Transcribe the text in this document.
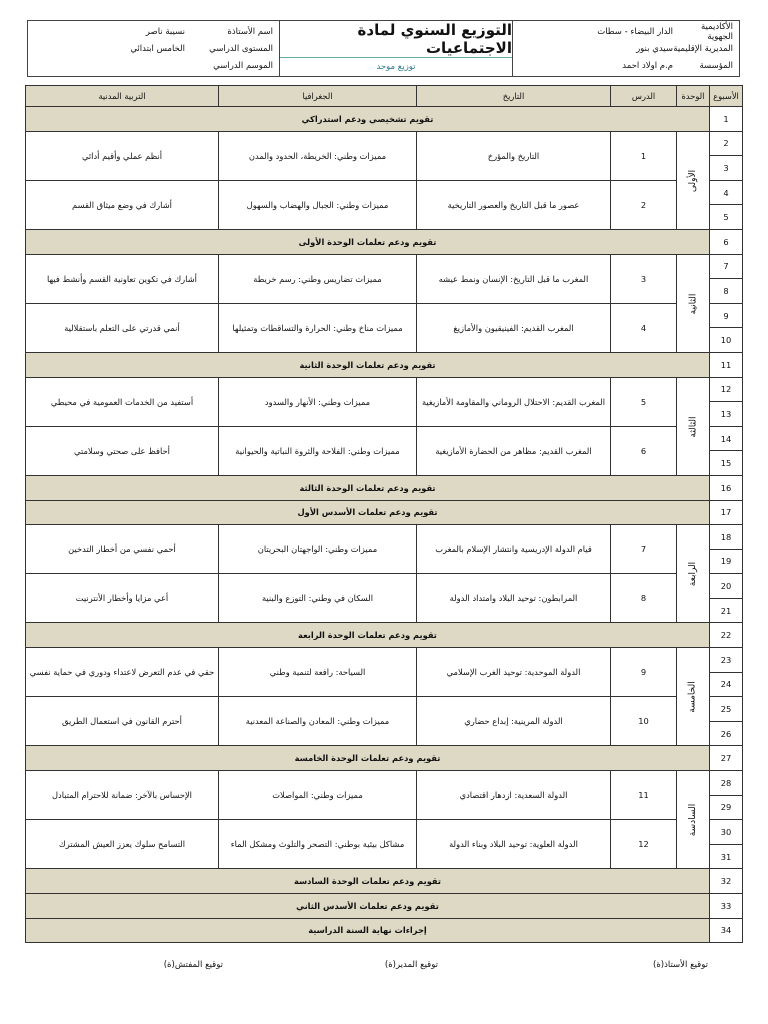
الأكاديمية الجهوية
الدار البيضاء - سطات
المديرية الإقليمية
سيدي بنور
المؤسسة
م.م اولاد احمد
التوزيع السنوي لمادة الاجتماعيات
توزيع موحد
اسم الأستاذة
نسيبة ناصر
المستوى الدراسي
الخامس ابتدائي
الموسم الدراسي
الأسبوع	الوحدة	الدرس	التاريخ	الجغرافيا	التربية المدنية
1	تقويم تشخيصي ودعم استدراكي				
2	الأولى	1	التاريخ والمؤرخ	مميزات وطني: الخريطة، الحدود والمدن	أنظم عملي وأقيم أدائي
3					
4		2	عصور ما قبل التاريخ والعصور التاريخية	مميزات وطني: الجبال والهضاب والسهول	أشارك في وضع ميثاق القسم
5					
6	تقويم ودعم تعلمات الوحدة الأولى				
7	الثانية	3	المغرب ما قبل التاريخ: الإنسان ونمط عيشه	مميزات تضاريس وطني: رسم خريطة	أشارك في تكوين تعاونية القسم وأنشط فيها
8					
9		4	المغرب القديم: الفينيقيون والأمازيغ	مميزات مناخ وطني: الحرارة والتساقطات وتمثيلها	أنمي قدرتي على التعلم باستقلالية
10					
11	تقويم ودعم تعلمات الوحدة الثانية				
12	الثالثة	5	المغرب القديم: الاحتلال الروماني والمقاومة الأمازيغية	مميزات وطني: الأنهار والسدود	أستفيد من الخدمات العمومية في محيطي
13					
14		6	المغرب القديم: مظاهر من الحضارة الأمازيغية	مميزات وطني: الفلاحة والثروة النباتية والحيوانية	أحافظ على صحتي وسلامتي
15					
16	تقويم ودعم تعلمات الوحدة الثالثة				
17	تقويم ودعم تعلمات الأسدس الأول				
18	الرابعة	7	قيام الدولة الإدريسية وانتشار الإسلام بالمغرب	مميزات وطني: الواجهتان البحريتان	أحمي نفسي من أخطار التدخين
19					
20		8	المرابطون: توحيد البلاد وامتداد الدولة	السكان في وطني: التوزع والبنية	أعي مزايا وأخطار الأنترنيت
21					
22	تقويم ودعم تعلمات الوحدة الرابعة				
23	الخامسة	9	الدولة الموحدية: توحيد الغرب الإسلامي	السياحة: رافعة لتنمية وطني	حقي في عدم التعرض لاعتداء ودوري في حماية نفسي
24					
25		10	الدولة المرينية: إبداع حضاري	مميزات وطني: المعادن والصناعة المعدنية	أحترم القانون في استعمال الطريق
26					
27	تقويم ودعم تعلمات الوحدة الخامسة				
28	السادسة	11	الدولة السعدية: ازدهار اقتصادي	مميزات وطني: المواصلات	الإحساس بالآخر: ضمانة للاحترام المتبادل
29					
30		12	الدولة العلوية: توحيد البلاد وبناء الدولة	مشاكل بيئية بوطني: التصحر والتلوث ومشكل الماء	التسامح سلوك يعزز العيش المشترك
31					
32	تقويم ودعم تعلمات الوحدة السادسة				
33	تقويم ودعم تعلمات الأسدس الثاني				
34	إجراءات نهاية السنة الدراسية				
توقيع الأستاذ(ة)
توقيع المدير(ة)
توقيع المفتش(ة)
